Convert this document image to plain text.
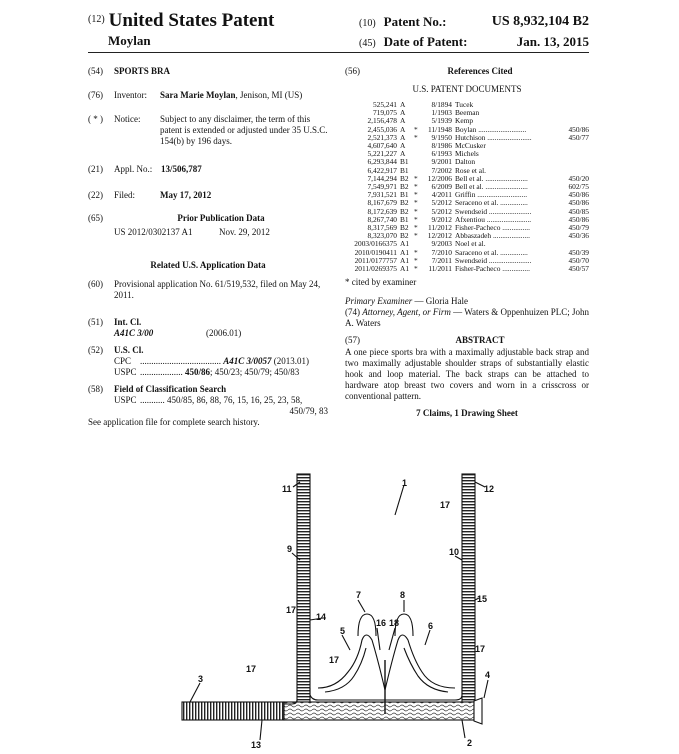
$^{(12)}$ United States Patent
Moylan
(10) Patent No.:	US 8,932,104 B2
(45) Date of Patent:	Jan. 13, 2015
(54)	SPORTS BRA
(76)	Inventor:	Sara Marie Moylan, Jenison, MI (US)
( * )	Notice:	Subject to any disclaimer, the term of this patent is extended or adjusted under 35 U.S.C. 154(b) by 196 days.
(21)	Appl. No.: 13/506,787
(22)	Filed:	May 17, 2012
(65)	Prior Publication Data
US 2012/0302137 A1	Nov. 29, 2012
Related U.S. Application Data
(60)	Provisional application No. 61/519,532, filed on May 24, 2011.
(51)	Int. Cl.
A41C 3/00	(2006.01)
(52)	U.S. Cl.
CPC .................................... A41C 3/0057 (2013.01)
USPC ................... 450/86; 450/23; 450/79; 450/83
(58)	Field of Classification Search
USPC ........... 450/85, 86, 88, 76, 15, 16, 25, 23, 58,
450/79, 83
See application file for complete search history.
(56)	References Cited
U.S. PATENT DOCUMENTS
525,241 A	8/1894 Tucek
719,075 A	1/1903 Beeman
2,156,478 A	5/1939 Kemp
2,455,036 A	*	11/1948 Boylan ..........................	450/86
2,521,373 A	*	9/1950 Hutchison ........................	450/77
4,607,640 A	8/1986 McCusker
5,221,227 A	6/1993 Michels
6,293,844 B1	9/2001 Dalton
6,422,917 B1	7/2002 Rose et al.
7,144,294 B2 *	12/2006 Bell et al. .......................	450/20
7,549,971 B2 *	6/2009 Bell et al. .......................	602/75
7,931,521 B1 *	4/2011 Griffin ...........................	450/86
8,167,679 B2 *	5/2012 Seraceno et al. ...............	450/86
8,172,639 B2 *	5/2012 Swendseid .......................	450/85
8,267,740 B1 *	9/2012 Afxentiou ........................	450/86
8,317,569 B2 *	11/2012 Fisher-Pacheco ...............	450/79
8,323,070 B2 *	12/2012 Abbaszadeh ....................	450/36
2003/0166375 A1	9/2003 Noel et al.
2010/0190411 A1 *	7/2010 Saraceno et al. ...............	450/39
2011/0177757 A1 *	7/2011 Swendseid .......................	450/70
2011/0269375 A1 *	11/2011 Fisher-Pacheco ...............	450/57
* cited by examiner
Primary Examiner — Gloria Hale
(74) Attorney, Agent, or Firm — Waters & Oppenhuizen PLC; John A. Waters
(57)	ABSTRACT
A one piece sports bra with a maximally adjustable back strap and two maximally adjustable shoulder straps of substantially elastic hook and loop material. The back straps can be attached to hardware atop breast two covers and worn in a crisscross or conventional pattern.
7 Claims, 1 Drawing Sheet
1
2
3	4
5	6
7	8
9	10
11	12
13
14
15
16
17
17
17
17
17
18
